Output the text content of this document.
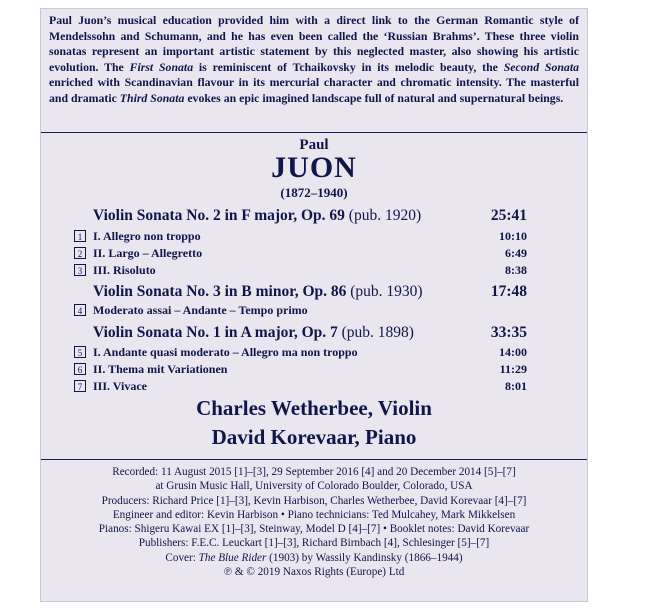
Paul Juon’s musical education provided him with a direct link to the German Romantic style of Mendelssohn and Schumann, and he has even been called the ‘Russian Brahms’. These three violin sonatas represent an important artistic statement by this neglected master, also showing his artistic evolution. The First Sonata is reminiscent of Tchaikovsky in its melodic beauty, the Second Sonata enriched with Scandinavian flavour in its mercurial character and chromatic intensity. The masterful and dramatic Third Sonata evokes an epic imagined landscape full of natural and supernatural beings.
Paul
JUON
(1872–1940)
Violin Sonata No. 2 in F major, Op. 69 (pub. 1920)	25:41
1 I. Allegro non troppo	10:10
2 II. Largo – Allegretto	6:49
3 III. Risoluto	8:38
Violin Sonata No. 3 in B minor, Op. 86 (pub. 1930)	17:48
4 Moderato assai – Andante – Tempo primo
Violin Sonata No. 1 in A major, Op. 7 (pub. 1898)	33:35
5 I. Andante quasi moderato – Allegro ma non troppo	14:00
6 II. Thema mit Variationen	11:29
7 III. Vivace	8:01
Charles Wetherbee, Violin
David Korevaar, Piano
Recorded: 11 August 2015 [1]–[3], 29 September 2016 [4] and 20 December 2014 [5]–[7]
at Grusin Music Hall, University of Colorado Boulder, Colorado, USA
Producers: Richard Price [1]–[3], Kevin Harbison, Charles Wetherbee, David Korevaar [4]–[7]
Engineer and editor: Kevin Harbison • Piano technicians: Ted Mulcahey, Mark Mikkelsen
Pianos: Shigeru Kawai EX [1]–[3], Steinway, Model D [4]–[7] • Booklet notes: David Korevaar
Publishers: F.E.C. Leuckart [1]–[3], Richard Birnbach [4], Schlesinger [5]–[7]
Cover: The Blue Rider (1903) by Wassily Kandinsky (1866–1944)
℗ & © 2019 Naxos Rights (Europe) Ltd
